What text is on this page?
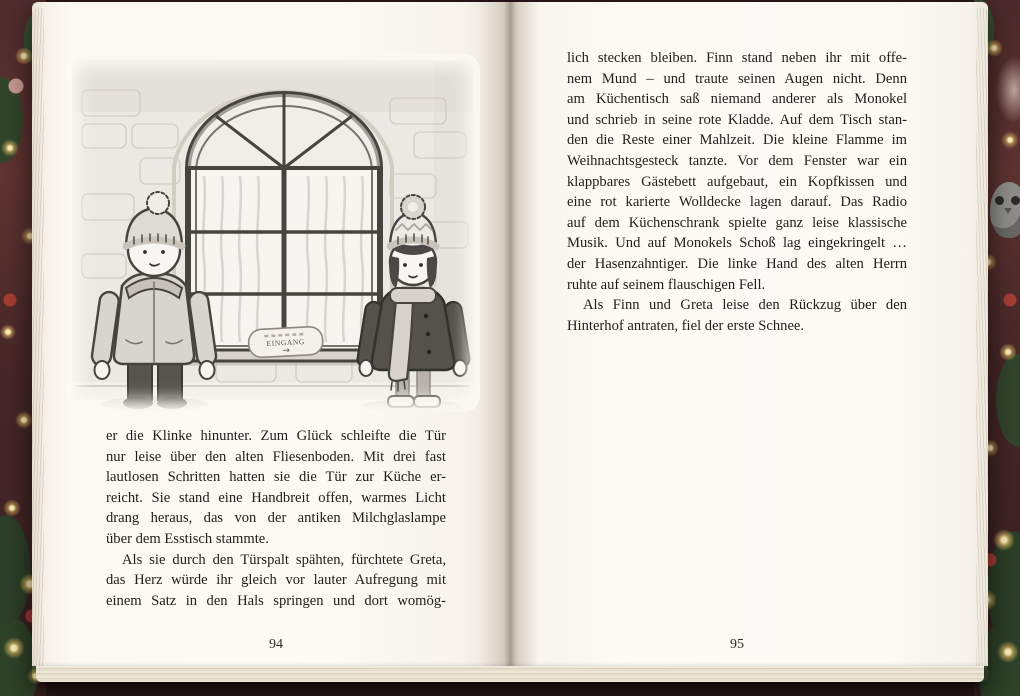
EINGANG
→
er die Klinke hinunter. Zum Glück schleifte die Tür
nur leise über den alten Fliesenboden. Mit drei fast
lautlosen Schritten hatten sie die Tür zur Küche er-
reicht. Sie stand eine Handbreit offen, warmes Licht
drang heraus, das von der antiken Milchglaslampe
über dem Esstisch stammte.
Als sie durch den Türspalt spähten, fürchtete Greta,
das Herz würde ihr gleich vor lauter Aufregung mit
einem Satz in den Hals springen und dort womög-
lich stecken bleiben. Finn stand neben ihr mit offe-
nem Mund – und traute seinen Augen nicht. Denn
am Küchentisch saß niemand anderer als Monokel
und schrieb in seine rote Kladde. Auf dem Tisch stan-
den die Reste einer Mahlzeit. Die kleine Flamme im
Weihnachtsgesteck tanzte. Vor dem Fenster war ein
klappbares Gästebett aufgebaut, ein Kopfkissen und
eine rot karierte Wolldecke lagen darauf. Das Radio
auf dem Küchenschrank spielte ganz leise klassische
Musik. Und auf Monokels Schoß lag eingekringelt …
der Hasenzahntiger. Die linke Hand des alten Herrn
ruhte auf seinem flauschigen Fell.
Als Finn und Greta leise den Rückzug über den
Hinterhof antraten, fiel der erste Schnee.
94	95
